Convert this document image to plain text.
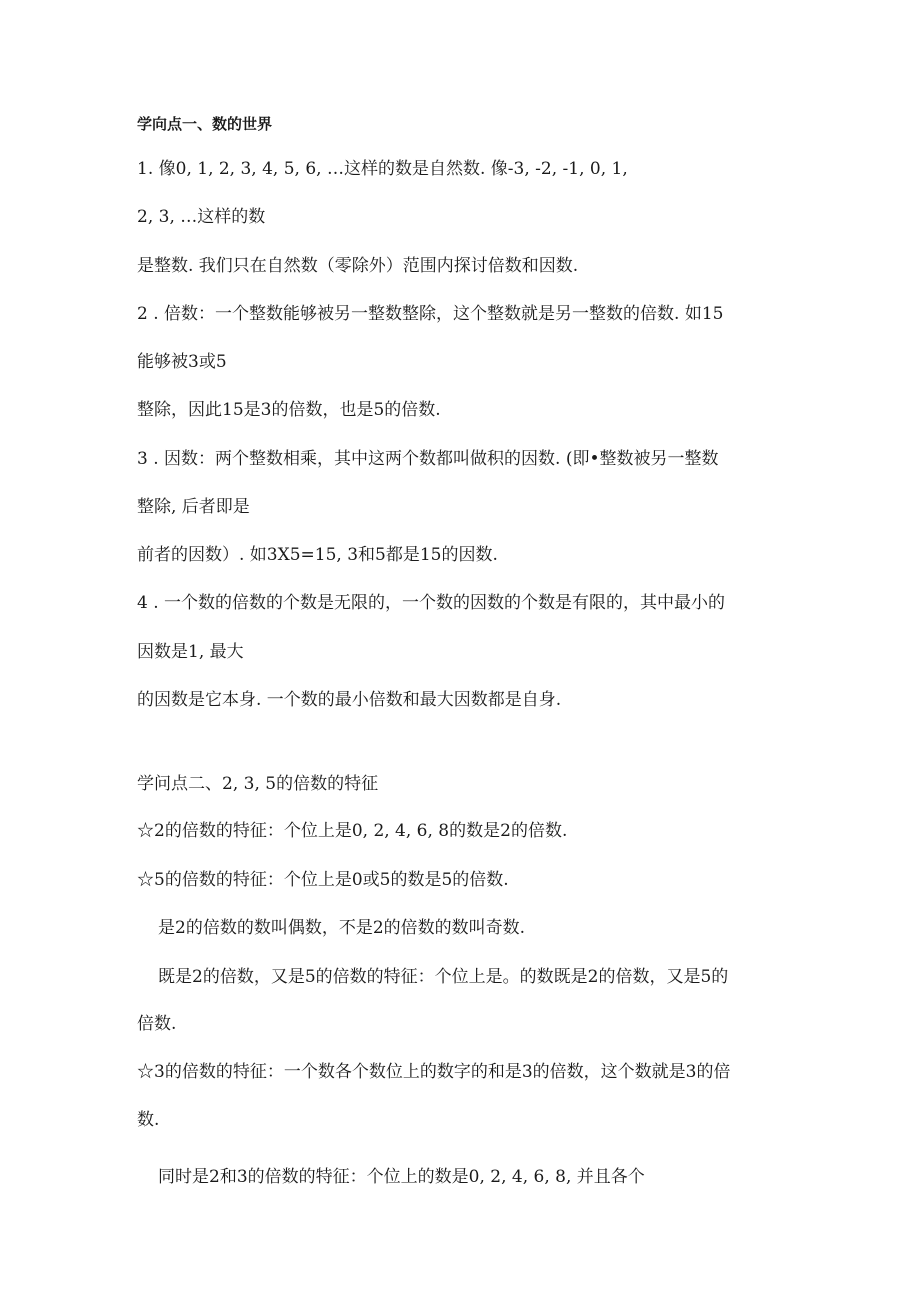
学向点一、数的世界
1. 像0, 1, 2, 3, 4, 5, 6, …这样的数是自然数. 像-3, -2, -1, 0, 1,
2, 3, …这样的数
是整数. 我们只在自然数（零除外）范围内探讨倍数和因数.
2 . 倍数：一个整数能够被另一整数整除，这个整数就是另一整数的倍数. 如15
能够被3或5
整除，因此15是3的倍数，也是5的倍数.
3 . 因数：两个整数相乘，其中这两个数都叫做积的因数. (即•整数被另一整数
整除, 后者即是
前者的因数）. 如3X5=15, 3和5都是15的因数.
4 . 一个数的倍数的个数是无限的，一个数的因数的个数是有限的，其中最小的
因数是1, 最大
的因数是它本身. 一个数的最小倍数和最大因数都是自身.
学问点二、2, 3, 5的倍数的特征
☆2的倍数的特征：个位上是0, 2, 4, 6, 8的数是2的倍数.
☆5的倍数的特征：个位上是0或5的数是5的倍数.
是2的倍数的数叫偶数，不是2的倍数的数叫奇数.
既是2的倍数，又是5的倍数的特征：个位上是。的数既是2的倍数，又是5的
倍数.
☆3的倍数的特征：一个数各个数位上的数字的和是3的倍数，这个数就是3的倍
数.
同时是2和3的倍数的特征：个位上的数是0, 2, 4, 6, 8, 并且各个
